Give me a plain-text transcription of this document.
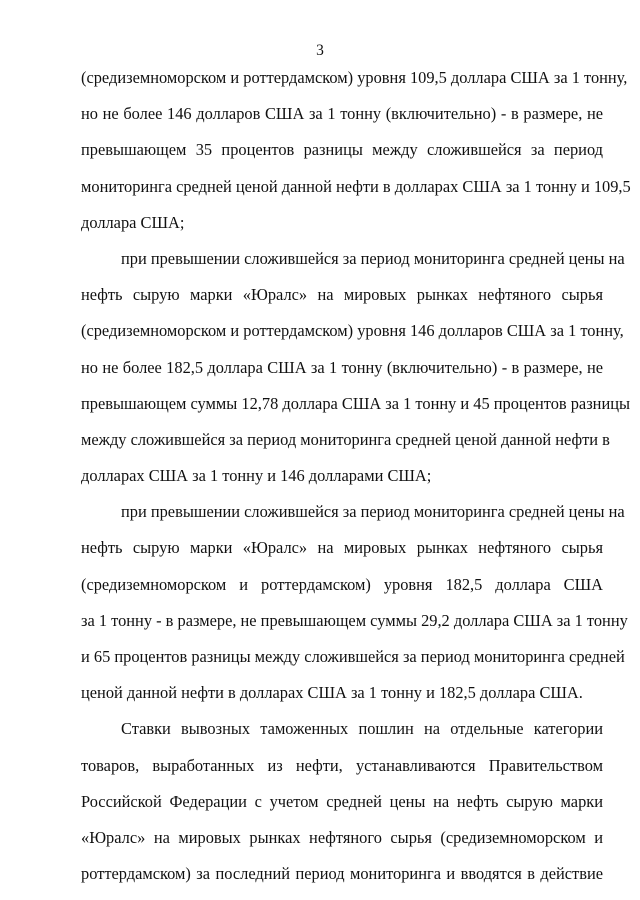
3
(средиземноморском и роттердамском) уровня 109,5 доллара США за 1 тонну,
но не более 146 долларов США за 1 тонну (включительно) - в размере, не
превышающем 35 процентов разницы между сложившейся за период
мониторинга средней ценой данной нефти в долларах США за 1 тонну и 109,5
доллара США;
при превышении сложившейся за период мониторинга средней цены на
нефть сырую марки «Юралс» на мировых рынках нефтяного сырья
(средиземноморском и роттердамском) уровня 146 долларов США за 1 тонну,
но не более 182,5 доллара США за 1 тонну (включительно) - в размере, не
превышающем суммы 12,78 доллара США за 1 тонну и 45 процентов разницы
между сложившейся за период мониторинга средней ценой данной нефти в
долларах США за 1 тонну и 146 долларами США;
при превышении сложившейся за период мониторинга средней цены на
нефть сырую марки «Юралс» на мировых рынках нефтяного сырья
(средиземноморском и роттердамском) уровня 182,5 доллара США
за 1 тонну - в размере, не превышающем суммы 29,2 доллара США за 1 тонну
и 65 процентов разницы между сложившейся за период мониторинга средней
ценой данной нефти в долларах США за 1 тонну и 182,5 доллара США.
Ставки вывозных таможенных пошлин на отдельные категории
товаров, выработанных из нефти, устанавливаются Правительством
Российской Федерации с учетом средней цены на нефть сырую марки
«Юралс» на мировых рынках нефтяного сырья (средиземноморском и
роттердамском) за последний период мониторинга и вводятся в действие
